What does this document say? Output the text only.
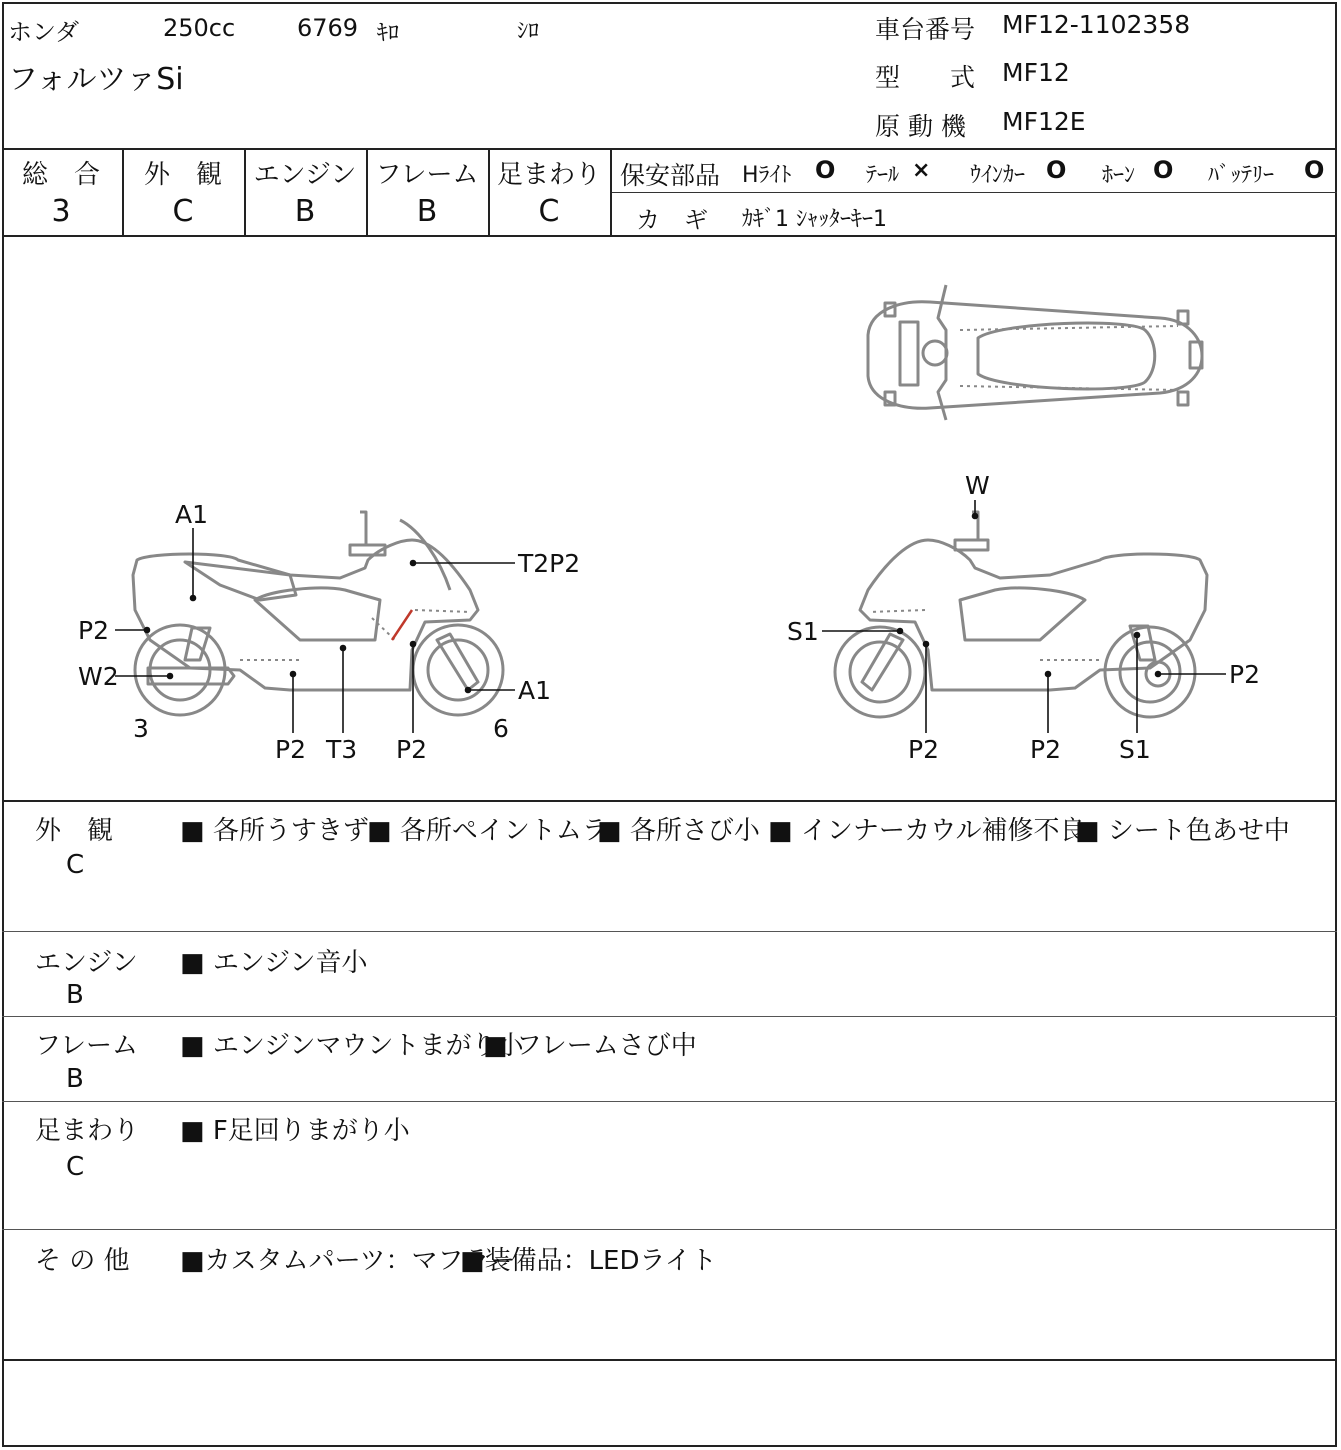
ホンダ	250cc	6769 ｷﾛ	ｼﾛ
フォルツァSi
車台番号 MF12-1102358
型　　式 MF12
原 動 機 MF12E
総　合
3
外　観
C
エンジン
B
フレーム
B
足まわり
C
保安部品 Hﾗｲﾄ O ﾃｰﾙ × ｳｲﾝｶｰ O ﾎｰﾝ O ﾊﾞｯﾃﾘｰ O
カ　ギ ｶｷﾞ1 ｼｬｯﾀｰｷｰ1
A1
T2P2
P2
W2	A1
3	6
P2 T3 P2
W
S1
P2
P2	P2 S1
外　観
C
■ 各所うすきず
■ 各所ペイントムラ
■ 各所さび小 ■ インナーカウル補修不良
■ シート色あせ中
エンジン
B
■ エンジン音小
フレーム
B
■ エンジンマウントまがり小
■ フレームさび中
足まわり
C
■ F足回りまがり小
そ の 他 ■カスタムパーツ：マフラー
■装備品：LEDライト
